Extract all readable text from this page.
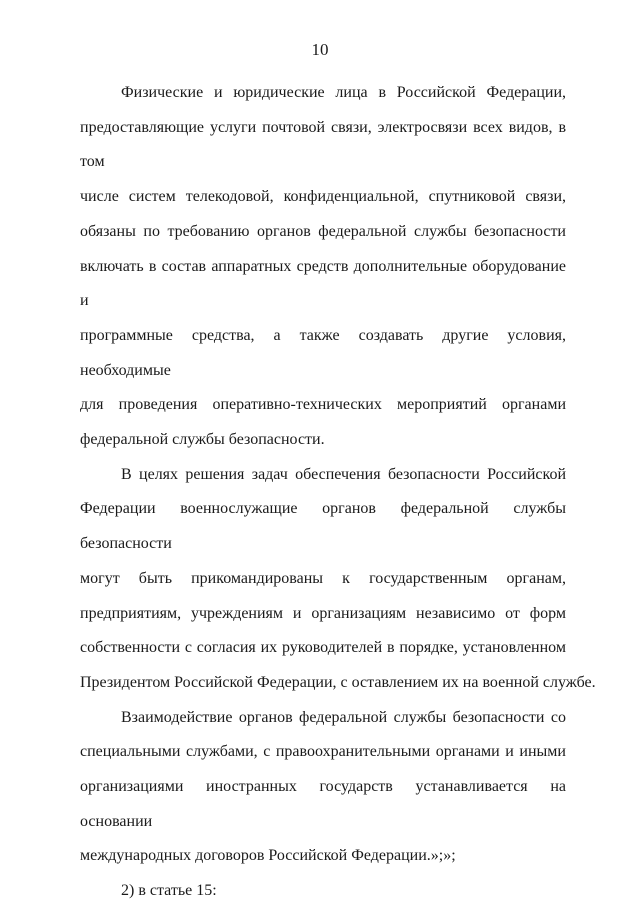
10
Физические и юридические лица в Российской Федерации,
предоставляющие услуги почтовой связи, электросвязи всех видов, в том
числе систем телекодовой, конфиденциальной, спутниковой связи,
обязаны по требованию органов федеральной службы безопасности
включать в состав аппаратных средств дополнительные оборудование и
программные средства, а также создавать другие условия, необходимые
для проведения оперативно-технических мероприятий органами
федеральной службы безопасности.
В целях решения задач обеспечения безопасности Российской
Федерации военнослужащие органов федеральной службы безопасности
могут быть прикомандированы к государственным органам,
предприятиям, учреждениям и организациям независимо от форм
собственности с согласия их руководителей в порядке, установленном
Президентом Российской Федерации, с оставлением их на военной службе.
Взаимодействие органов федеральной службы безопасности со
специальными службами, с правоохранительными органами и иными
организациями иностранных государств устанавливается на основании
международных договоров Российской Федерации.»;»;
2) в статье 15:
